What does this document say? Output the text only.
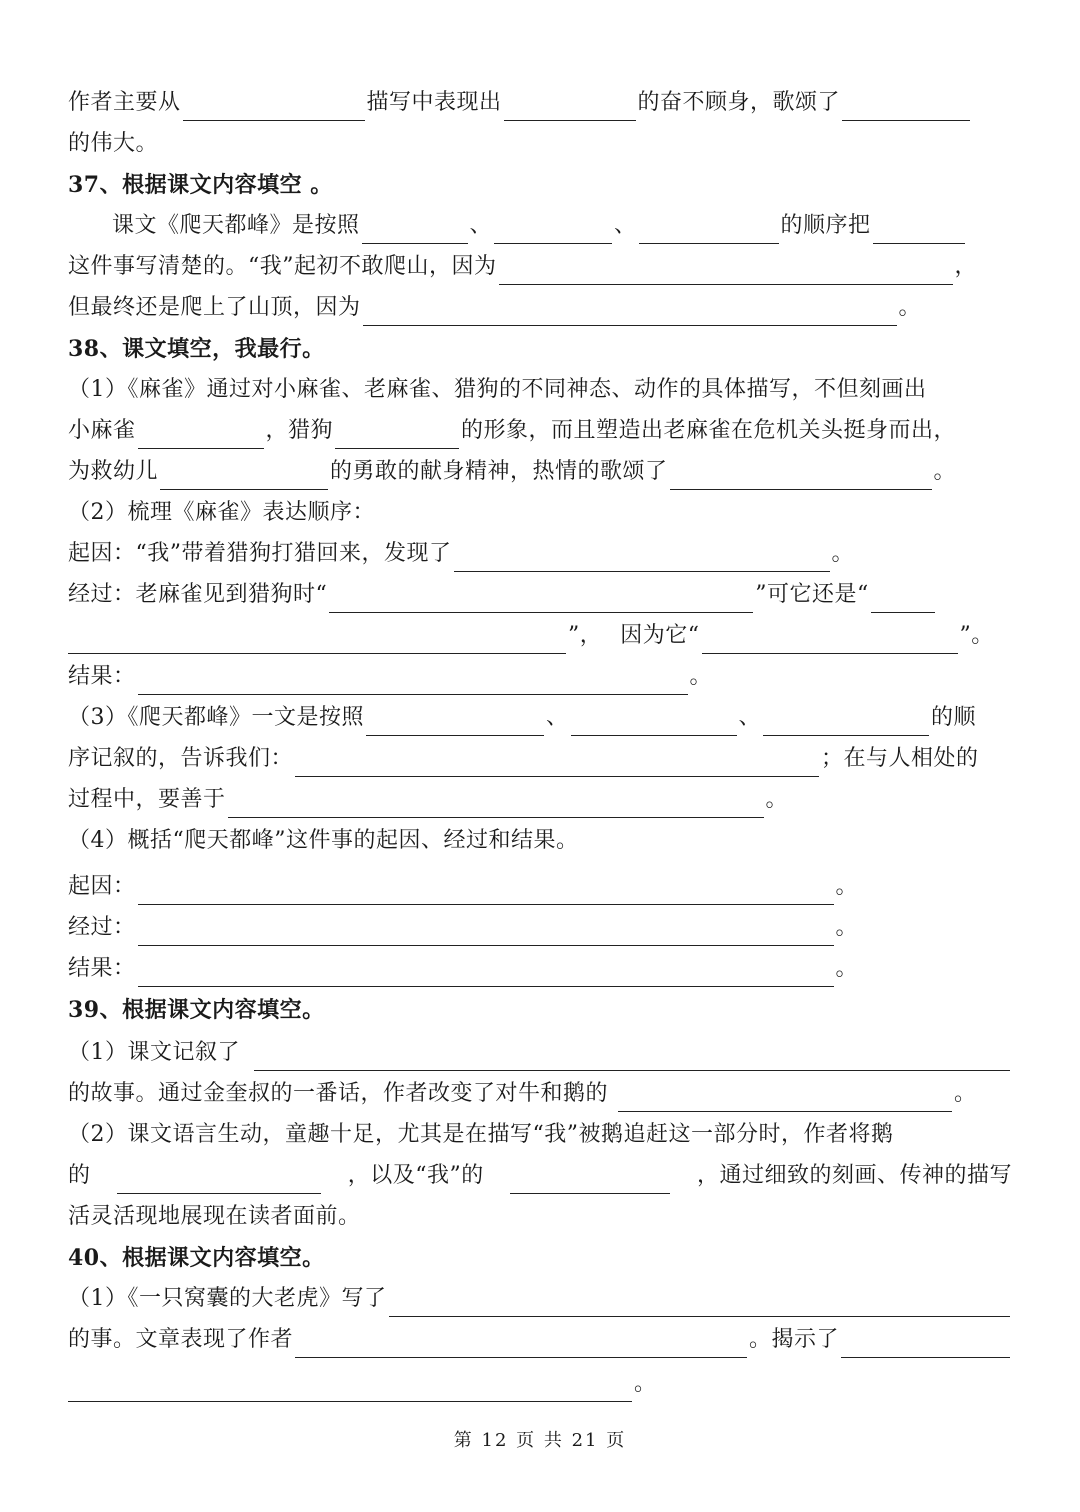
作者主要从	描写中表现出	的奋不顾身，歌颂了
的伟大。
37、根据课文内容填空 。
课文《爬天都峰》是按照	、	、	的顺序把
这件事写清楚的。“我”起初不敢爬山，因为	，
但最终还是爬上了山顶，因为	。
38、课文填空，我最行。
（1）《麻雀》通过对小麻雀、老麻雀、猎狗的不同神态、动作的具体描写，不但刻画出
小麻雀	，猎狗	的形象，而且塑造出老麻雀在危机关头挺身而出，
为救幼儿	的勇敢的献身精神，热情的歌颂了	。
（2）梳理《麻雀》表达顺序：
起因：“我”带着猎狗打猎回来，发现了	。
经过：老麻雀见到猎狗时“	”可它还是“
”， 因为它“	”。
结果：	。
（3）《爬天都峰》一文是按照	、	、	的顺
序记叙的，告诉我们：	；在与人相处的
过程中，要善于	。
（4）概括“爬天都峰”这件事的起因、经过和结果。
起因：	。
经过：	。
结果：	。
39、根据课文内容填空。
（1）课文记叙了
的故事。通过金奎叔的一番话，作者改变了对牛和鹅的	。
（2）课文语言生动，童趣十足，尤其是在描写“我”被鹅追赶这一部分时，作者将鹅
的	，以及“我”的	，通过细致的刻画、传神的描写
活灵活现地展现在读者面前。
40、根据课文内容填空。
（1）《一只窝囊的大老虎》写了
的事。文章表现了作者	。揭示了
。
第 12 页 共 21 页
